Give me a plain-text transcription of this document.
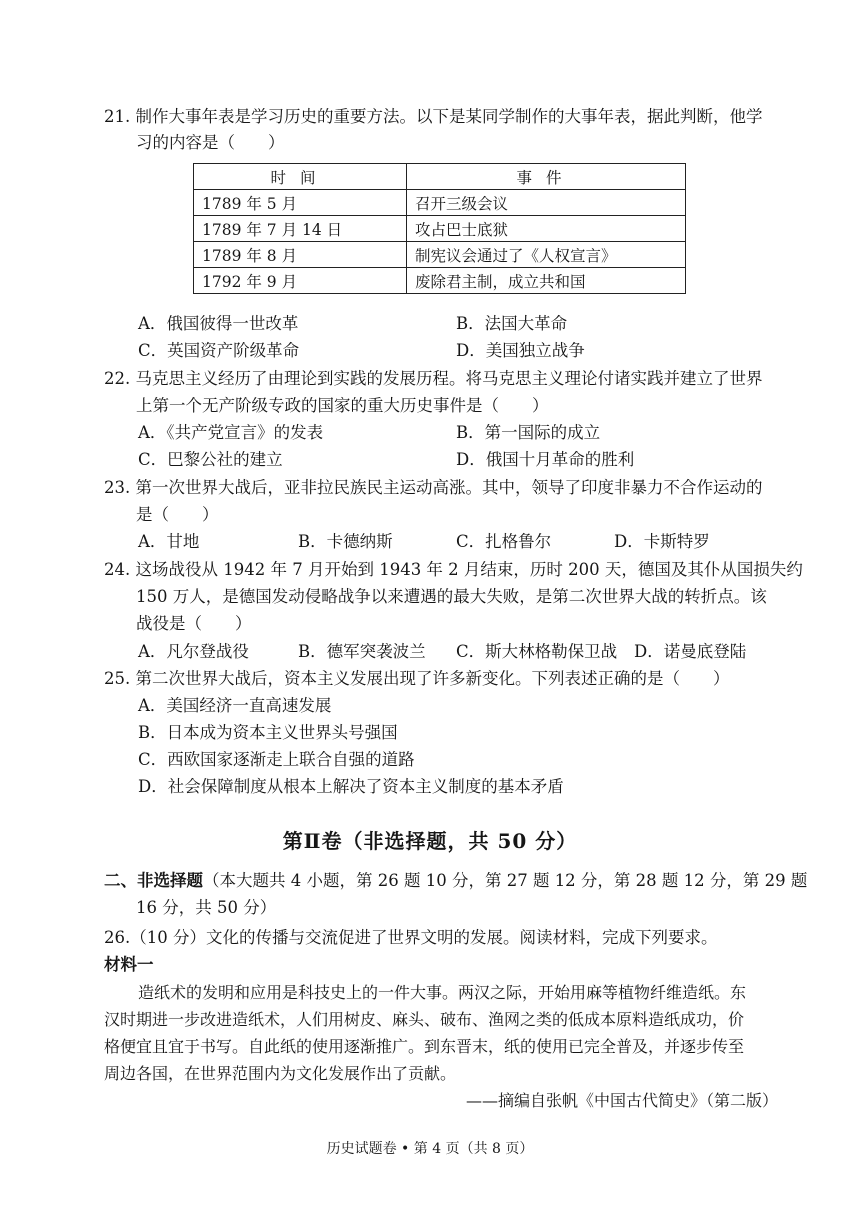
21. 制作大事年表是学习历史的重要方法。以下是某同学制作的大事年表，据此判断，他学
习的内容是（　　）
时间	事件
1789 年 5 月	召开三级会议
1789 年 7 月 14 日	攻占巴士底狱
1789 年 8 月	制宪议会通过了《人权宣言》
1792 年 9 月	废除君主制，成立共和国
A．俄国彼得一世改革	B．法国大革命
C．英国资产阶级革命	D．美国独立战争
22. 马克思主义经历了由理论到实践的发展历程。将马克思主义理论付诸实践并建立了世界
上第一个无产阶级专政的国家的重大历史事件是（　　）
A．《共产党宣言》的发表	B．第一国际的成立
C．巴黎公社的建立	D．俄国十月革命的胜利
23. 第一次世界大战后，亚非拉民族民主运动高涨。其中，领导了印度非暴力不合作运动的
是（　　）
A．甘地	B．卡德纳斯	C．扎格鲁尔	D．卡斯特罗
24. 这场战役从 1942 年 7 月开始到 1943 年 2 月结束，历时 200 天，德国及其仆从国损失约
150 万人，是德国发动侵略战争以来遭遇的最大失败，是第二次世界大战的转折点。该
战役是（　　）
A．凡尔登战役	B．德军突袭波兰 C．斯大林格勒保卫战 D．诺曼底登陆
25. 第二次世界大战后，资本主义发展出现了许多新变化。下列表述正确的是（　　）
A．美国经济一直高速发展
B．日本成为资本主义世界头号强国
C．西欧国家逐渐走上联合自强的道路
D．社会保障制度从根本上解决了资本主义制度的基本矛盾
第Ⅱ卷（非选择题，共 50 分）
二、非选择题（本大题共 4 小题，第 26 题 10 分，第 27 题 12 分，第 28 题 12 分，第 29 题
16 分，共 50 分）
26.（10 分）文化的传播与交流促进了世界文明的发展。阅读材料，完成下列要求。
材料一
造纸术的发明和应用是科技史上的一件大事。两汉之际，开始用麻等植物纤维造纸。东
汉时期进一步改进造纸术，人们用树皮、麻头、破布、渔网之类的低成本原料造纸成功，价
格便宜且宜于书写。自此纸的使用逐渐推广。到东晋末，纸的使用已完全普及，并逐步传至
周边各国，在世界范围内为文化发展作出了贡献。
——摘编自张帆《中国古代简史》（第二版）
历史试题卷 • 第 4 页（共 8 页）
